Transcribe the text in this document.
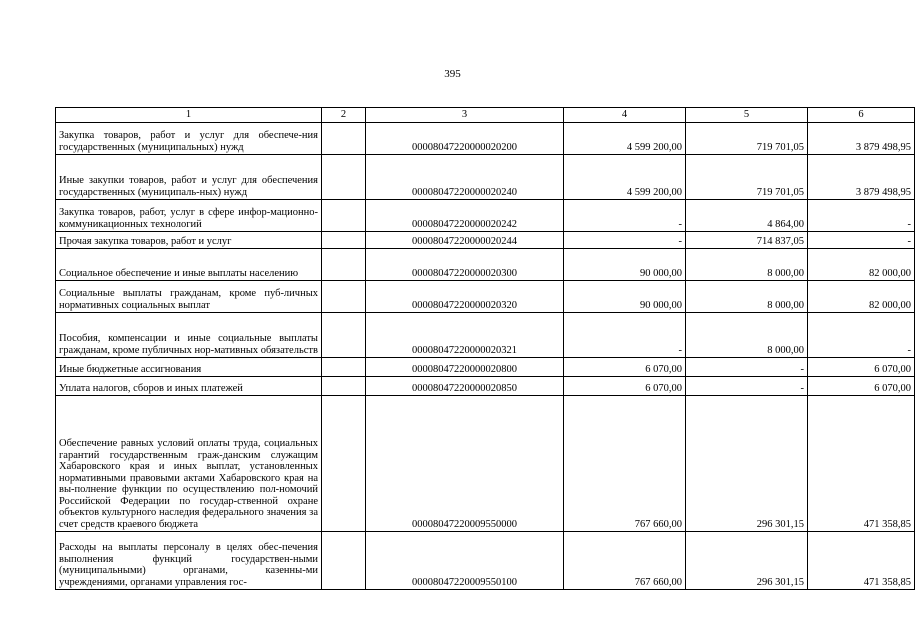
395
1	2	3	4	5	6
Закупка товаров, работ и услуг для обеспече-ния государственных (муниципальных) нужд		00008047220000020200	4 599 200,00	719 701,05	3 879 498,95
Иные закупки товаров, работ и услуг для обеспечения государственных (муниципаль-ных) нужд		00008047220000020240	4 599 200,00	719 701,05	3 879 498,95
Закупка товаров, работ, услуг в сфере инфор-мационно-коммуникационных технологий		00008047220000020242	-	4 864,00	-
Прочая закупка товаров, работ и услуг		00008047220000020244	-	714 837,05	-
Социальное обеспечение и иные выплаты населению		00008047220000020300	90 000,00	8 000,00	82 000,00
Социальные выплаты гражданам, кроме пуб-личных нормативных социальных выплат		00008047220000020320	90 000,00	8 000,00	82 000,00
Пособия, компенсации и иные социальные выплаты гражданам, кроме публичных нор-мативных обязательств		00008047220000020321	-	8 000,00	-
Иные бюджетные ассигнования		00008047220000020800	6 070,00	-	6 070,00
Уплата налогов, сборов и иных платежей		00008047220000020850	6 070,00	-	6 070,00
Обеспечение равных условий оплаты труда, социальных гарантий государственным граж-данским служащим Хабаровского края и иных выплат, установленных нормативными правовыми актами Хабаровского края на вы-полнение функции по осуществлению пол-номочий Российской Федерации по государ-ственной охране объектов культурного наследия федерального значения за счет средств краевого бюджета		00008047220009550000	767 660,00	296 301,15	471 358,85
Расходы на выплаты персоналу в целях обес-печения выполнения функций государствен-ными (муниципальными) органами, казенны-ми учреждениями, органами управления гос-		00008047220009550100	767 660,00	296 301,15	471 358,85
